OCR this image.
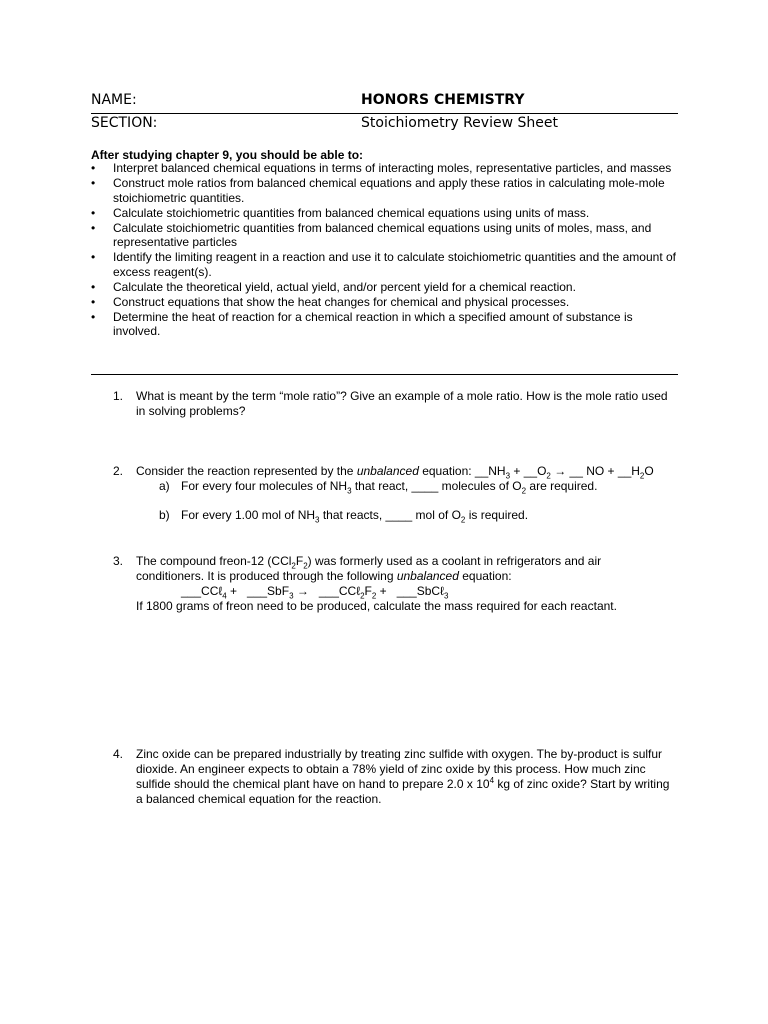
NAME:	HONORS CHEMISTRY
SECTION:	Stoichiometry Review Sheet
After studying chapter 9, you should be able to:
• Interpret balanced chemical equations in terms of interacting moles, representative particles, and masses
• Construct mole ratios from balanced chemical equations and apply these ratios in calculating mole-mole stoichiometric quantities.
• Calculate stoichiometric quantities from balanced chemical equations using units of mass.
• Calculate stoichiometric quantities from balanced chemical equations using units of moles, mass, and representative particles
• Identify the limiting reagent in a reaction and use it to calculate stoichiometric quantities and the amount of excess reagent(s).
• Calculate the theoretical yield, actual yield, and/or percent yield for a chemical reaction.
• Construct equations that show the heat changes for chemical and physical processes.
• Determine the heat of reaction for a chemical reaction in which a specified amount of substance is involved.
1. What is meant by the term “mole ratio”? Give an example of a mole ratio. How is the mole ratio used in solving problems?
2. Consider the reaction represented by the unbalanced equation: $\_\_NH_3$ + $\_\_O_2$ → __ NO + $\_\_H_2O$
a) For every four molecules of $NH_3$ that react, ____ molecules of $O_2$ are required.
b) For every 1.00 mol of $NH_3$ that reacts, ____ mol of $O_2$ is required.
3. The compound freon-12 $(CCl_2F_2)$ was formerly used as a coolant in refrigerators and air
conditioners. It is produced through the following unbalanced equation:
___CCℓ$_4$ +   ___SbF$_3$ →   $\_\_\_CC\ell_2F_2$ +   ___SbCℓ$_3$
If 1800 grams of freon need to be produced, calculate the mass required for each reactant.
4. Zinc oxide can be prepared industrially by treating zinc sulfide with oxygen. The by-product is sulfur dioxide. An engineer expects to obtain a 78% yield of zinc oxide by this process. How much zinc sulfide should the chemical plant have on hand to prepare 2.0 x $10^4$ kg of zinc oxide? Start by writing a balanced chemical equation for the reaction.
